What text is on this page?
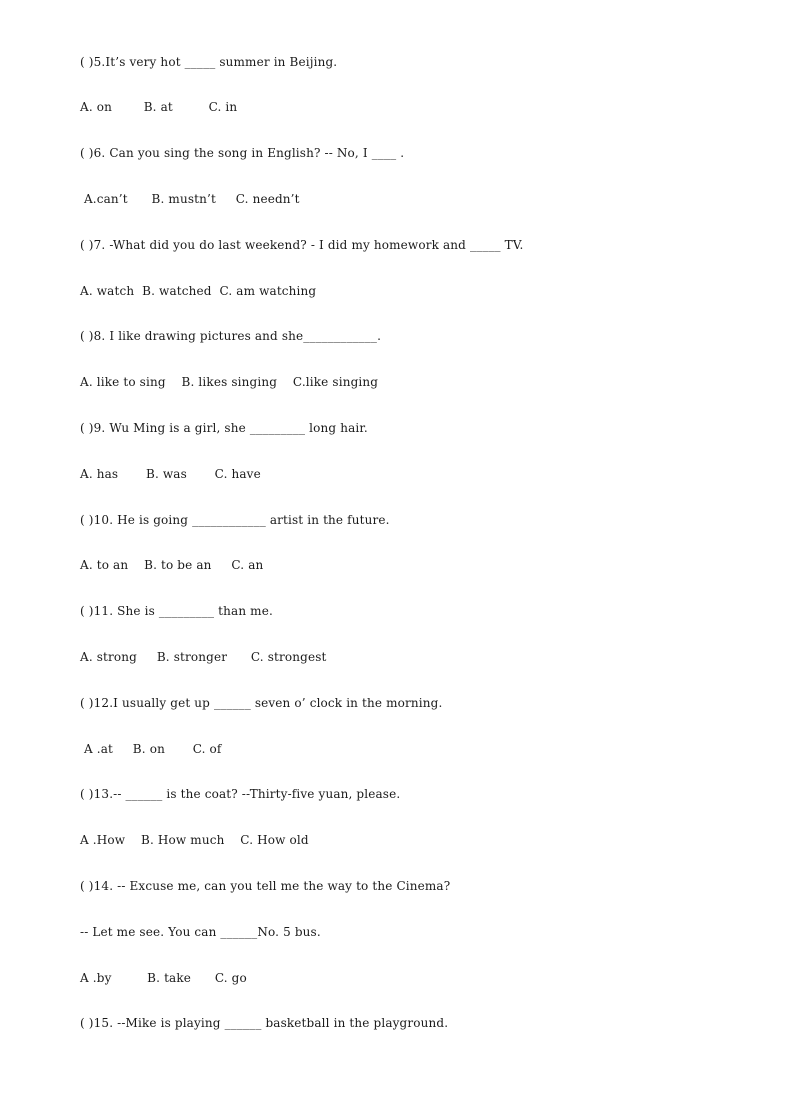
( )5.It’s very hot _____ summer in Beijing.

A. on        B. at         C. in

( )6. Can you sing the song in English? -- No, I ____ .

A.can’t      B. mustn’t     C. needn’t

( )7. -What did you do last weekend? - I did my homework and _____ TV.

A. watch  B. watched  C. am watching

( )8. I like drawing pictures and she____________.

A. like to sing    B. likes singing    C.like singing

( )9. Wu Ming is a girl, she _________ long hair.

A. has       B. was       C. have

( )10. He is going ____________ artist in the future.

A. to an    B. to be an     C. an

( )11. She is _________ than me.

A. strong     B. stronger      C. strongest

( )12.I usually get up ______ seven o’ clock in the morning.

A .at     B. on       C. of

( )13.-- ______ is the coat? --Thirty-five yuan, please.

A .How    B. How much    C. How old

( )14. -- Excuse me, can you tell me the way to the Cinema?

-- Let me see. You can ______No. 5 bus.

A .by         B. take      C. go

( )15. --Mike is playing ______ basketball in the playground.
